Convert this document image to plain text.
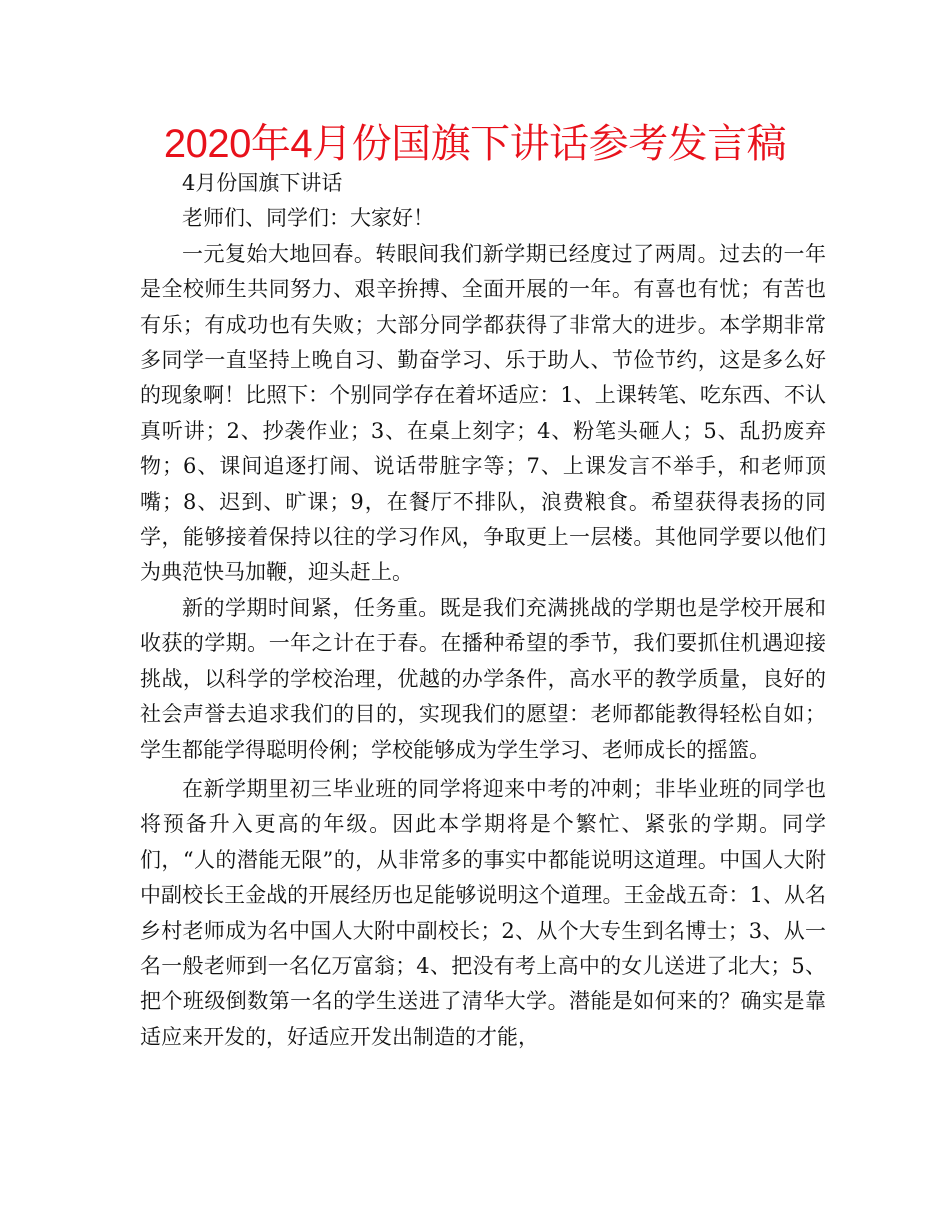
2020年4月份国旗下讲话参考发言稿

4月份国旗下讲话

老师们、同学们：大家好！

一元复始大地回春。转眼间我们新学期已经度过了两周。过去的一年是全校师生共同努力、艰辛拚搏、全面开展的一年。有喜也有忧；有苦也有乐；有成功也有失败；大部分同学都获得了非常大的进步。本学期非常多同学一直坚持上晚自习、勤奋学习、乐于助人、节俭节约，这是多么好的现象啊！比照下：个别同学存在着坏适应：1、上课转笔、吃东西、不认真听讲；2、抄袭作业；3、在桌上刻字；4、粉笔头砸人；5、乱扔废弃物；6、课间追逐打闹、说话带脏字等；7、上课发言不举手，和老师顶嘴；8、迟到、旷课；9，在餐厅不排队，浪费粮食。希望获得表扬的同学，能够接着保持以往的学习作风，争取更上一层楼。其他同学要以他们为典范快马加鞭，迎头赶上。

新的学期时间紧，任务重。既是我们充满挑战的学期也是学校开展和收获的学期。一年之计在于春。在播种希望的季节，我们要抓住机遇迎接挑战，以科学的学校治理，优越的办学条件，高水平的教学质量，良好的社会声誉去追求我们的目的，实现我们的愿望：老师都能教得轻松自如；学生都能学得聪明伶俐；学校能够成为学生学习、老师成长的摇篮。

在新学期里初三毕业班的同学将迎来中考的冲刺；非毕业班的同学也将预备升入更高的年级。因此本学期将是个繁忙、紧张的学期。同学们，“人的潜能无限”的，从非常多的事实中都能说明这道理。中国人大附中副校长王金战的开展经历也足能够说明这个道理。王金战五奇：1、从名乡村老师成为名中国人大附中副校长；2、从个大专生到名博士；3、从一名一般老师到一名亿万富翁；4、把没有考上高中的女儿送进了北大；5、把个班级倒数第一名的学生送进了清华大学。潜能是如何来的？确实是靠适应来开发的，好适应开发出制造的才能，
